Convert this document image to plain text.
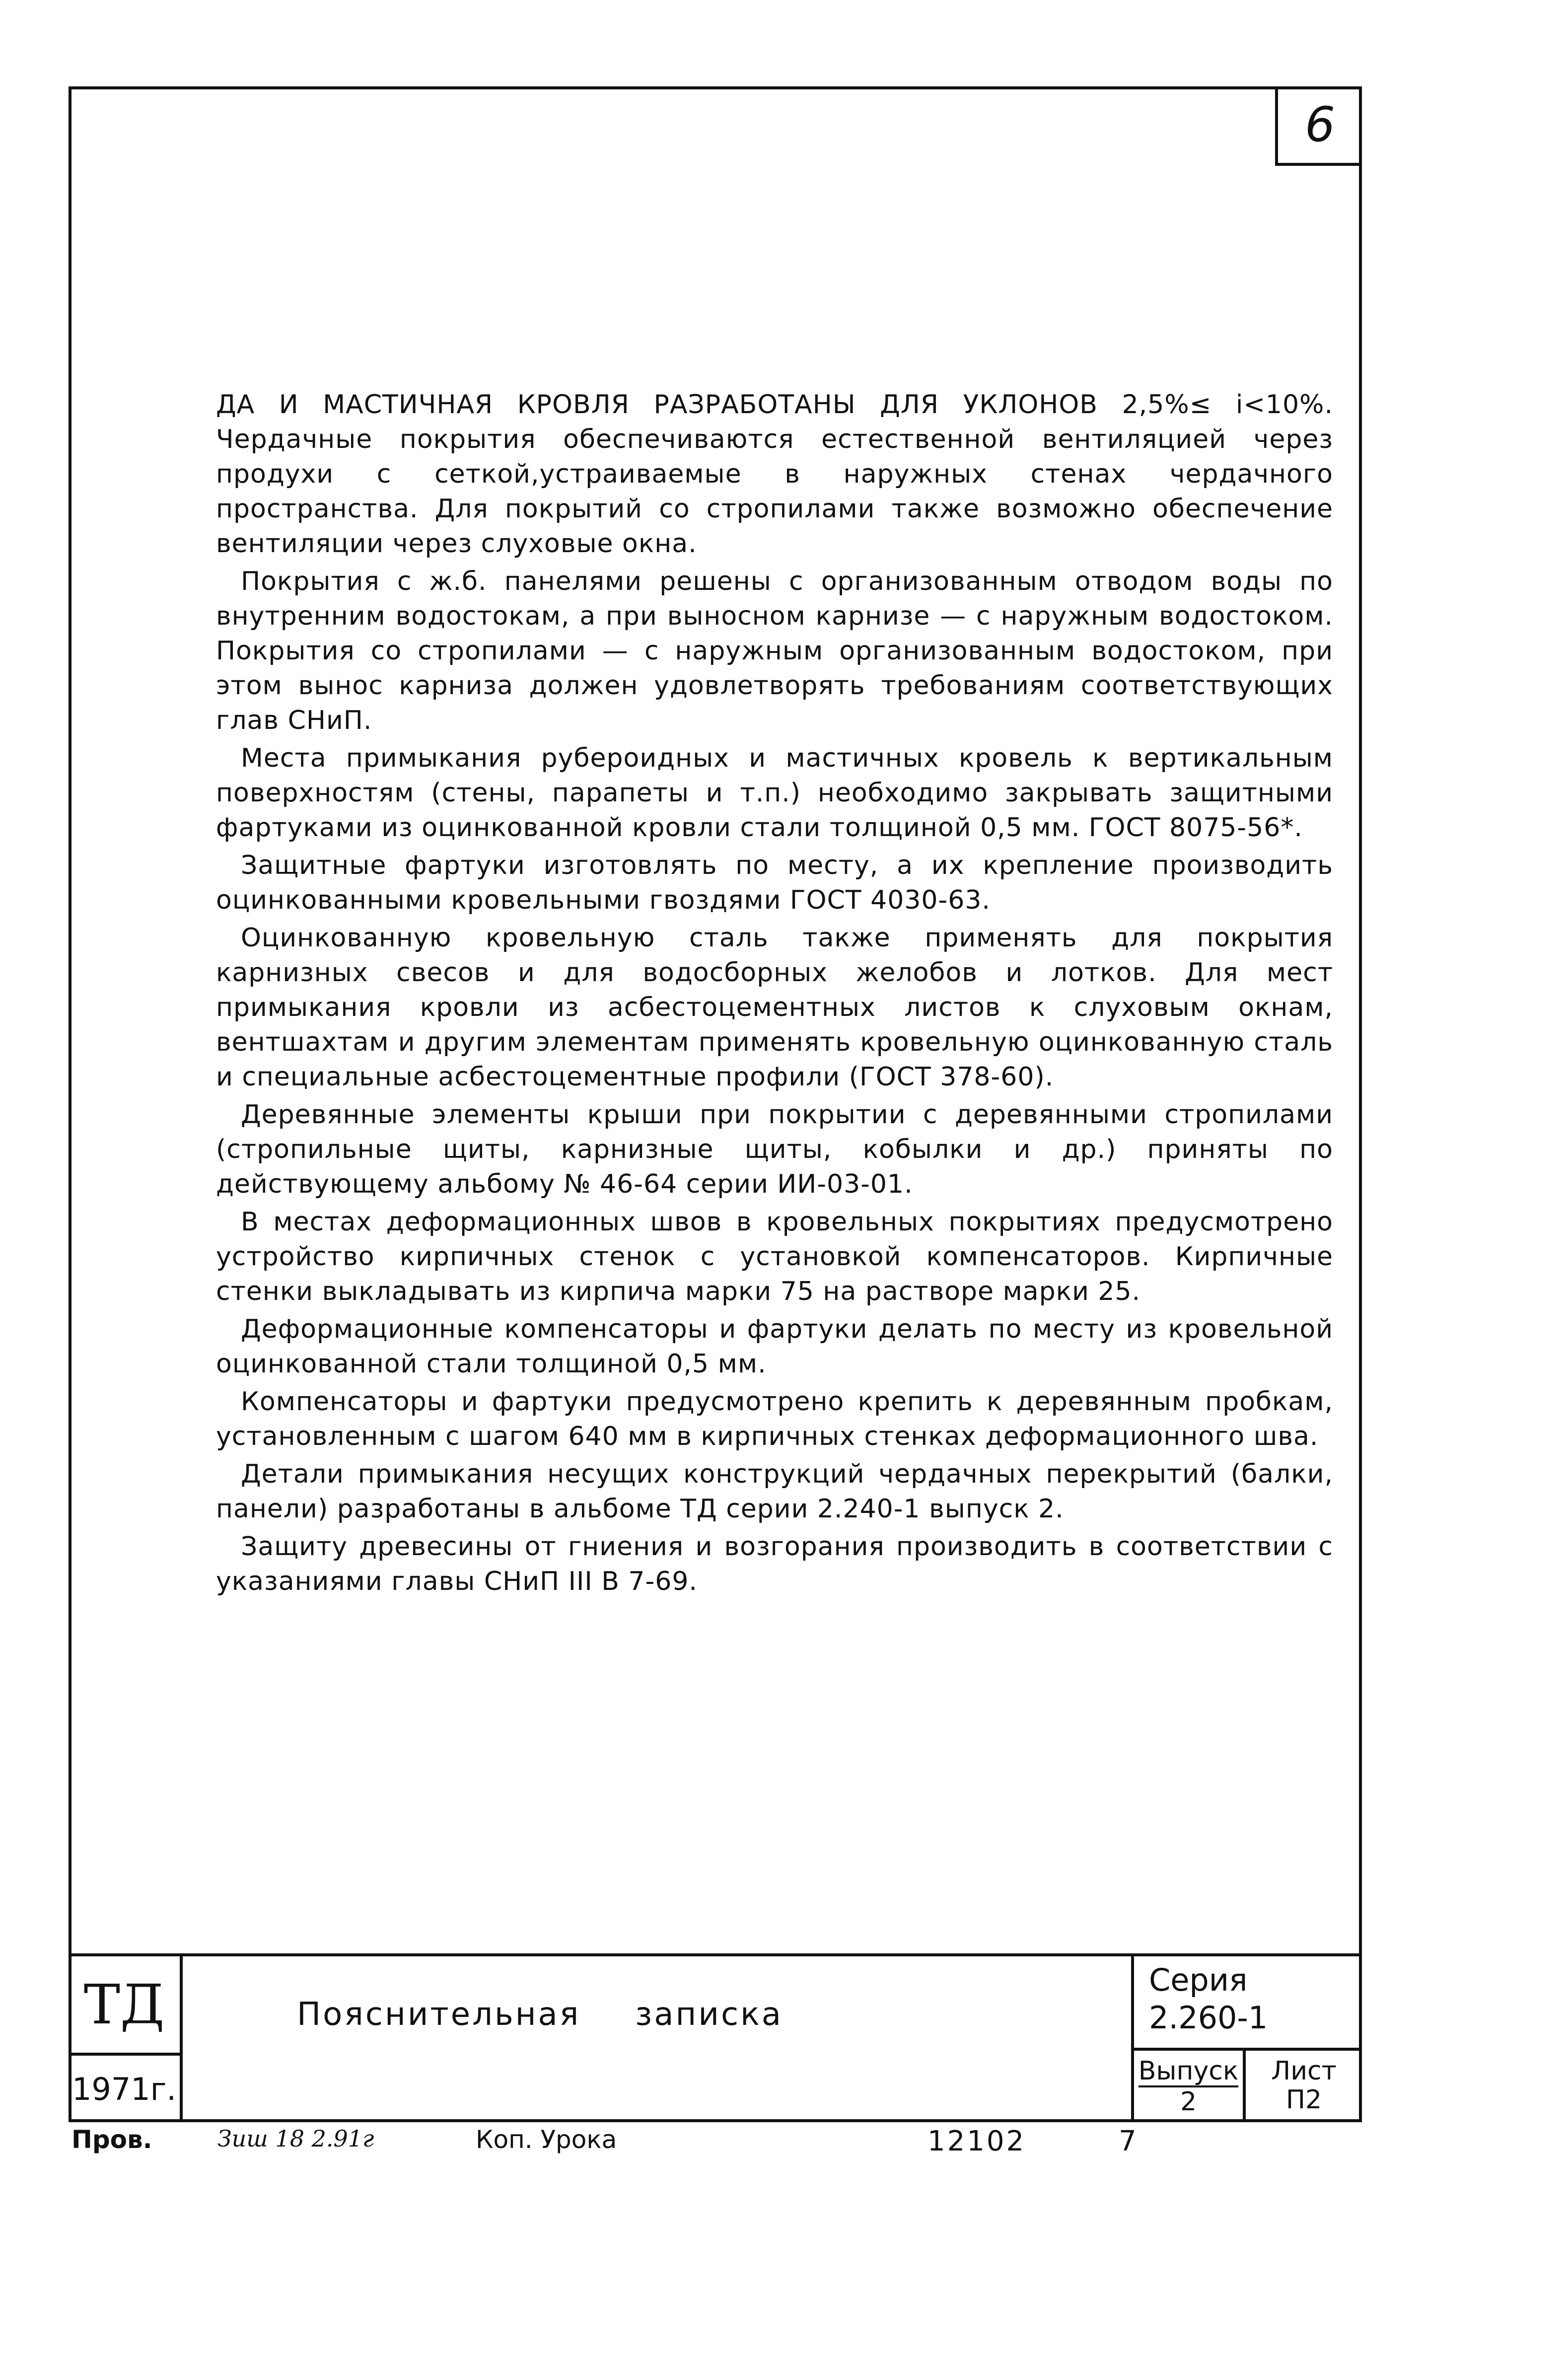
6

ДА И МАСТИЧНАЯ КРОВЛЯ РАЗРАБОТАНЫ ДЛЯ УКЛОНОВ 2,5%≤ і<10%. Чердачные покрытия обеспечиваются естественной вентиляцией через продухи с сеткой,устраиваемые в наружных стенах чердачного пространства. Для покрытий со стропилами также возможно обеспечение вентиляции через слуховые окна.

Покрытия с ж.б. панелями решены с организованным отводом воды по внутренним водостокам, а при выносном карнизе — с наружным водостоком. Покрытия со стропилами — с наружным организованным водостоком, при этом вынос карниза должен удовлетворять требованиям соответствующих глав СНиП.

Места примыкания рубероидных и мастичных кровель к вертикальным поверхностям (стены, парапеты и т.п.) необходимо закрывать защитными фартуками из оцинкованной кровли стали толщиной 0,5 мм. ГОСТ 8075-56*.

Защитные фартуки изготовлять по месту, а их крепление производить оцинкованными кровельными гвоздями ГОСТ 4030-63.

Оцинкованную кровельную сталь также применять для покрытия карнизных свесов и для водосборных желобов и лотков. Для мест примыкания кровли из асбестоцементных листов к слуховым окнам, вентшахтам и другим элементам применять кровельную оцинкованную сталь и специальные асбестоцементные профили (ГОСТ 378-60).

Деревянные элементы крыши при покрытии с деревянными стропилами (стропильные щиты, карнизные щиты, кобылки и др.) приняты по действующему альбому № 46-64 серии ИИ-03-01.

В местах деформационных швов в кровельных покрытиях предусмотрено устройство кирпичных стенок с установкой компенсаторов. Кирпичные стенки выкладывать из кирпича марки 75 на растворе марки 25.

Деформационные компенсаторы и фартуки делать по месту из кровельной оцинкованной стали толщиной 0,5 мм.

Компенсаторы и фартуки предусмотрено крепить к деревянным пробкам, установленным с шагом 640 мм в кирпичных стенках деформационного шва.

Детали примыкания несущих конструкций чердачных перекрытий (балки, панели) разработаны в альбоме ТД серии 2.240-1 выпуск 2.

Защиту древесины от гниения и возгорания производить в соответствии с указаниями главы СНиП III В 7-69.

ТД
1971г.
Пояснительная записка
Серия
2.260-1
Выпуск
2
Лист
П2
Пров.	Зиш 18 2.91г	Коп. Урока	12102	7
